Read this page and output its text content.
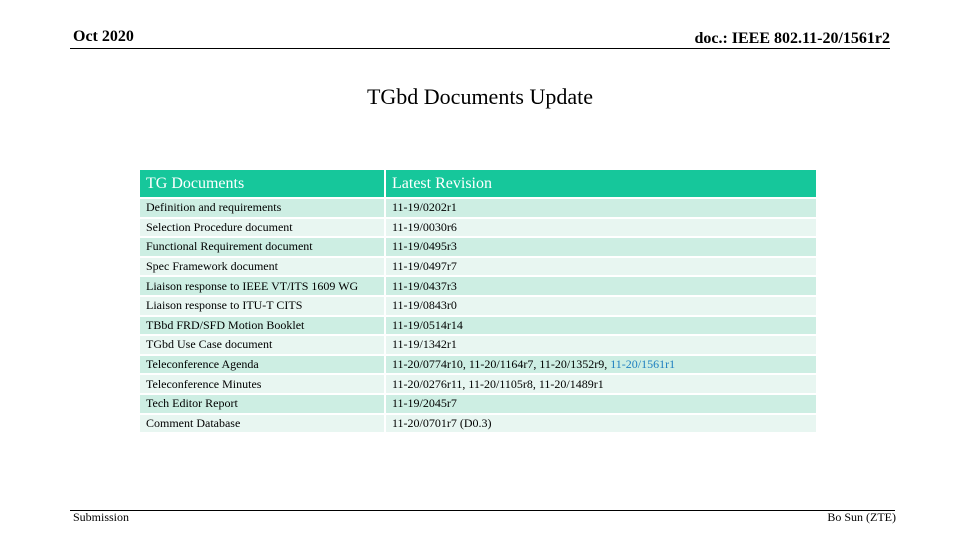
Oct 2020	doc.: IEEE 802.11-20/1561r2
TGbd Documents Update
TG Documents	Latest Revision
Definition and requirements	11-19/0202r1
Selection Procedure document	11-19/0030r6
Functional Requirement document	11-19/0495r3
Spec Framework document	11-19/0497r7
Liaison response to IEEE VT/ITS 1609 WG	11-19/0437r3
Liaison response to ITU-T CITS	11-19/0843r0
TBbd FRD/SFD Motion Booklet	11-19/0514r14
TGbd Use Case document	11-19/1342r1
Teleconference Agenda	11-20/0774r10, 11-20/1164r7, 11-20/1352r9, 11-20/1561r1
Teleconference Minutes	11-20/0276r11, 11-20/1105r8, 11-20/1489r1
Tech Editor Report	11-19/2045r7
Comment Database	11-20/0701r7 (D0.3)
Submission	Bo Sun (ZTE)
